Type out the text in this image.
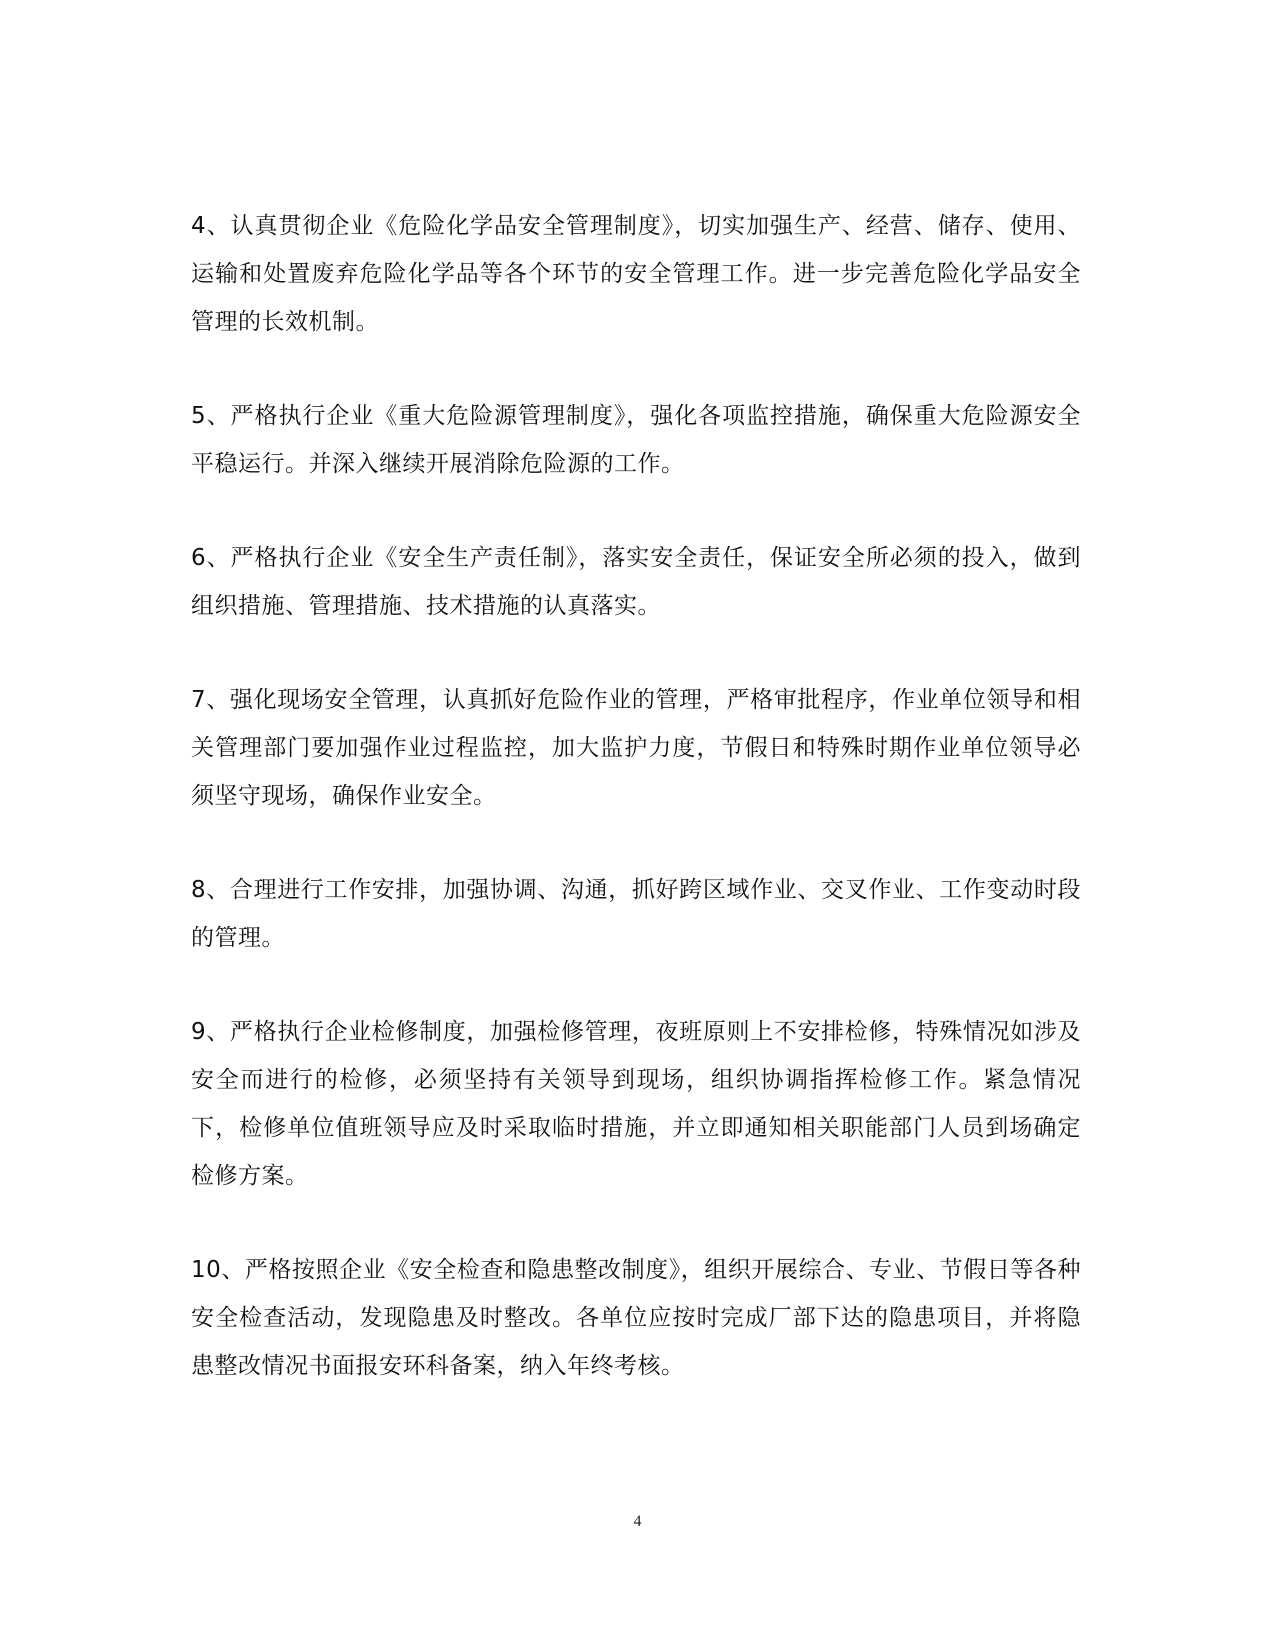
4、认真贯彻企业《危险化学品安全管理制度》，切实加强生产、经营、储存、使用、运输和处置废弃危险化学品等各个环节的安全管理工作。进一步完善危险化学品安全管理的长效机制。

5、严格执行企业《重大危险源管理制度》，强化各项监控措施，确保重大危险源安全平稳运行。并深入继续开展消除危险源的工作。

6、严格执行企业《安全生产责任制》，落实安全责任，保证安全所必须的投入，做到组织措施、管理措施、技术措施的认真落实。

7、强化现场安全管理，认真抓好危险作业的管理，严格审批程序，作业单位领导和相关管理部门要加强作业过程监控，加大监护力度，节假日和特殊时期作业单位领导必须坚守现场，确保作业安全。

8、合理进行工作安排，加强协调、沟通，抓好跨区域作业、交叉作业、工作变动时段的管理。

9、严格执行企业检修制度，加强检修管理，夜班原则上不安排检修，特殊情况如涉及安全而进行的检修，必须坚持有关领导到现场，组织协调指挥检修工作。紧急情况下，检修单位值班领导应及时采取临时措施，并立即通知相关职能部门人员到场确定检修方案。

10、严格按照企业《安全检查和隐患整改制度》，组织开展综合、专业、节假日等各种安全检查活动，发现隐患及时整改。各单位应按时完成厂部下达的隐患项目，并将隐患整改情况书面报安环科备案，纳入年终考核。

4
